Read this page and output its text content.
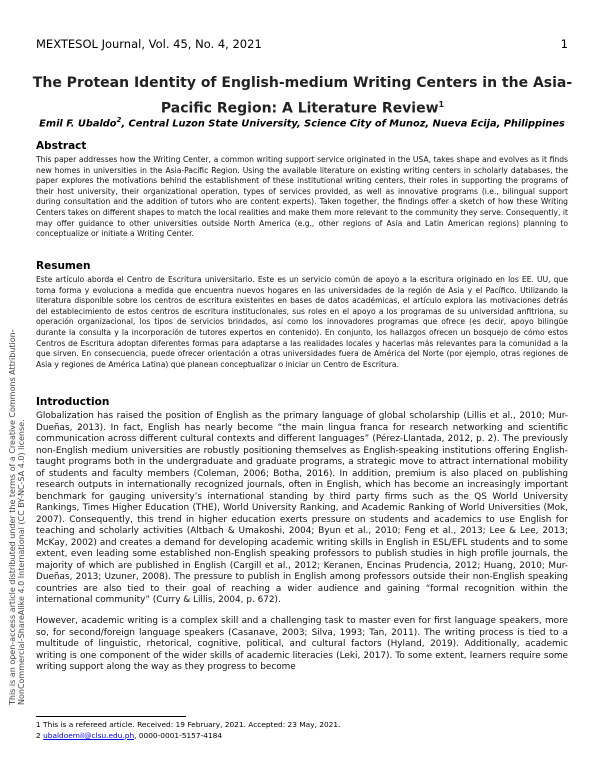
MEXTESOL Journal, Vol. 45, No. 4, 2021	1
This is an open-access article distributed under the terms of a Creative Commons Attribution-NonCommercial-ShareAlike 4.0 International (CC BY-NC-SA 4.0) license.
The Protean Identity of English-medium Writing Centers in the Asia-Pacific Region: A Literature Review$^1$
Emil F. Ubaldo$^2$, Central Luzon State University, Science City of Munoz, Nueva Ecija, Philippines
Abstract

This paper addresses how the Writing Center, a common writing support service originated in the USA, takes shape and evolves as it finds new homes in universities in the Asia-Pacific Region. Using the available literature on existing writing centers in scholarly databases, the paper explores the motivations behind the establishment of these institutional writing centers, their roles in supporting the programs of their host university, their organizational operation, types of services provided, as well as innovative programs (i.e., bilingual support during consultation and the addition of tutors who are content experts). Taken together, the findings offer a sketch of how these Writing Centers takes on different shapes to match the local realities and make them more relevant to the community they serve. Consequently, it may offer guidance to other universities outside North America (e.g., other regions of Asia and Latin American regions) planning to conceptualize or initiate a Writing Center.

Resumen

Este artículo aborda el Centro de Escritura universitario. Este es un servicio común de apoyo a la escritura originado en los EE. UU, que toma forma y evoluciona a medida que encuentra nuevos hogares en las universidades de la región de Asia y el Pacífico. Utilizando la literatura disponible sobre los centros de escritura existentes en bases de datos académicas, el artículo explora las motivaciones detrás del establecimiento de estos centros de escritura institucionales, sus roles en el apoyo a los programas de su universidad anfitriona, su operación organizacional, los tipos de servicios brindados, así como los innovadores programas que ofrece (es decir, apoyo bilingüe durante la consulta y la incorporación de tutores expertos en contenido). En conjunto, los hallazgos ofrecen un bosquejo de cómo estos Centros de Escritura adoptan diferentes formas para adaptarse a las realidades locales y hacerlas más relevantes para la comunidad a la que sirven. En consecuencia, puede ofrecer orientación a otras universidades fuera de América del Norte (por ejemplo, otras regiones de Asia y regiones de América Latina) que planean conceptualizar o iniciar un Centro de Escritura.

Introduction

Globalization has raised the position of English as the primary language of global scholarship (Lillis et al., 2010; Mur-Dueñas, 2013). In fact, English has nearly become “the main lingua franca for research networking and scientific communication across different cultural contexts and different languages” (Pérez-Llantada, 2012, p. 2). The previously non-English medium universities are robustly positioning themselves as English-speaking institutions offering English-taught programs both in the undergraduate and graduate programs, a strategic move to attract international mobility of students and faculty members (Coleman, 2006; Botha, 2016). In addition, premium is also placed on publishing research outputs in internationally recognized journals, often in English, which has become an increasingly important benchmark for gauging university’s international standing by third party firms such as the QS World University Rankings, Times Higher Education (THE), World University Ranking, and Academic Ranking of World Universities (Mok, 2007). Consequently, this trend in higher education exerts pressure on students and academics to use English for teaching and scholarly activities (Altbach & Umakoshi, 2004; Byun et al., 2010; Feng et al., 2013; Lee & Lee, 2013; McKay, 2002) and creates a demand for developing academic writing skills in English in ESL/EFL students and to some extent, even leading some established non-English speaking professors to publish studies in high profile journals, the majority of which are published in English (Cargill et al., 2012; Keranen, Encinas Prudencia, 2012; Huang, 2010; Mur-Dueñas, 2013; Uzuner, 2008). The pressure to publish in English among professors outside their non-English speaking countries are also tied to their goal of reaching a wider audience and gaining “formal recognition within the international community” (Curry & Lillis, 2004, p. 672).

However, academic writing is a complex skill and a challenging task to master even for first language speakers, more so, for second/foreign language speakers (Casanave, 2003; Silva, 1993; Tan, 2011). The writing process is tied to a multitude of linguistic, rhetorical, cognitive, political, and cultural factors (Hyland, 2019). Additionally, academic writing is one component of the wider skills of academic literacies (Leki, 2017). To some extent, learners require some writing support along the way as they progress to become

1 This is a refereed article. Received: 19 February, 2021. Accepted: 23 May, 2021.
2 ubaldoemil@clsu.edu.ph, 0000-0001-5157-4184
